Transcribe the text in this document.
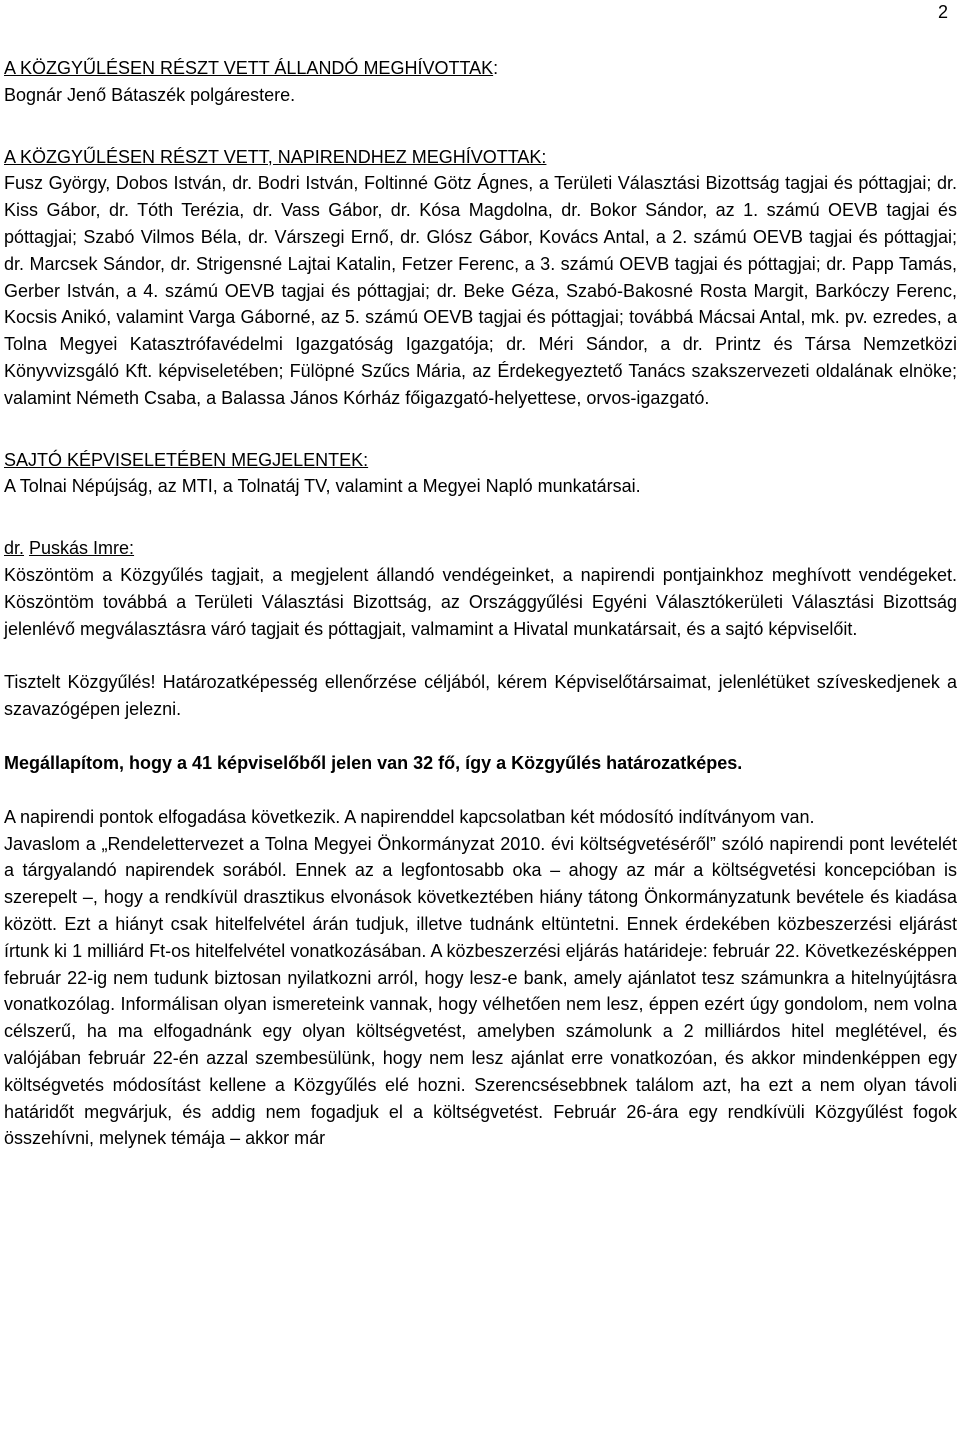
2
A KÖZGYŰLÉSEN RÉSZT VETT ÁLLANDÓ MEGHÍVOTTAK:
Bognár Jenő Bátaszék polgárestere.
A KÖZGYŰLÉSEN RÉSZT VETT, NAPIRENDHEZ MEGHÍVOTTAK:
Fusz György, Dobos István, dr. Bodri István, Foltinné Götz Ágnes, a Területi Választási Bizottság tagjai és póttagjai; dr. Kiss Gábor, dr. Tóth Terézia, dr. Vass Gábor, dr. Kósa Magdolna, dr. Bokor Sándor, az 1. számú OEVB tagjai és póttagjai; Szabó Vilmos Béla, dr. Várszegi Ernő, dr. Glósz Gábor, Kovács Antal, a 2. számú OEVB tagjai és póttagjai; dr. Marcsek Sándor, dr. Strigensné Lajtai Katalin, Fetzer Ferenc, a 3. számú OEVB tagjai és póttagjai; dr. Papp Tamás, Gerber István, a 4. számú OEVB tagjai és póttagjai; dr. Beke Géza, Szabó-Bakosné Rosta Margit, Barkóczy Ferenc, Kocsis Anikó, valamint Varga Gáborné, az 5. számú OEVB tagjai és póttagjai; továbbá Mácsai Antal, mk. pv. ezredes, a Tolna Megyei Katasztrófavédelmi Igazgatóság Igazgatója; dr. Méri Sándor, a dr. Printz és Társa Nemzetközi Könyvvizsgáló Kft. képviseletében; Fülöpné Szűcs Mária, az Érdekegyeztető Tanács szakszervezeti oldalának elnöke; valamint Németh Csaba, a Balassa János Kórház főigazgató-helyettese, orvos-igazgató.
SAJTÓ KÉPVISELETÉBEN MEGJELENTEK:
A Tolnai Népújság, az MTI, a Tolnatáj TV, valamint a Megyei Napló munkatársai.
dr. Puskás Imre:
Köszöntöm a Közgyűlés tagjait, a megjelent állandó vendégeinket, a napirendi pontjainkhoz meghívott vendégeket. Köszöntöm továbbá a Területi Választási Bizottság, az Országgyűlési Egyéni Választókerületi Választási Bizottság jelenlévő megválasztásra váró tagjait és póttagjait, valmamint a Hivatal munkatársait, és a sajtó képviselőit.
Tisztelt Közgyűlés! Határozatképesség ellenőrzése céljából, kérem Képviselőtársaimat, jelenlétüket szíveskedjenek a szavazógépen jelezni.
Megállapítom, hogy a 41 képviselőből jelen van 32 fő, így a Közgyűlés határozatképes.
A napirendi pontok elfogadása következik. A napirenddel kapcsolatban két módosító indítványom van.
Javaslom a „Rendelettervezet a Tolna Megyei Önkormányzat 2010. évi költségvetéséről” szóló napirendi pont levételét a tárgyalandó napirendek sorából. Ennek az a legfontosabb oka – ahogy az már a költségvetési koncepcióban is szerepelt –, hogy a rendkívül drasztikus elvonások következtében hiány tátong Önkormányzatunk bevétele és kiadása között. Ezt a hiányt csak hitelfelvétel árán tudjuk, illetve tudnánk eltüntetni. Ennek érdekében közbeszerzési eljárást írtunk ki 1 milliárd Ft-os hitelfelvétel vonatkozásában. A közbeszerzési eljárás határideje: február 22. Következésképpen február 22-ig nem tudunk biztosan nyilatkozni arról, hogy lesz-e bank, amely ajánlatot tesz számunkra a hitelnyújtásra vonatkozólag. Informálisan olyan ismereteink vannak, hogy vélhetően nem lesz, éppen ezért úgy gondolom, nem volna célszerű, ha ma elfogadnánk egy olyan költségvetést, amelyben számolunk a 2 milliárdos hitel meglétével, és valójában február 22-én azzal szembesülünk, hogy nem lesz ajánlat erre vonatkozóan, és akkor mindenképpen egy költségvetés módosítást kellene a Közgyűlés elé hozni. Szerencsésebbnek találom azt, ha ezt a nem olyan távoli határidőt megvárjuk, és addig nem fogadjuk el a költségvetést. Február 26-ára egy rendkívüli Közgyűlést fogok összehívni, melynek témája – akkor már
